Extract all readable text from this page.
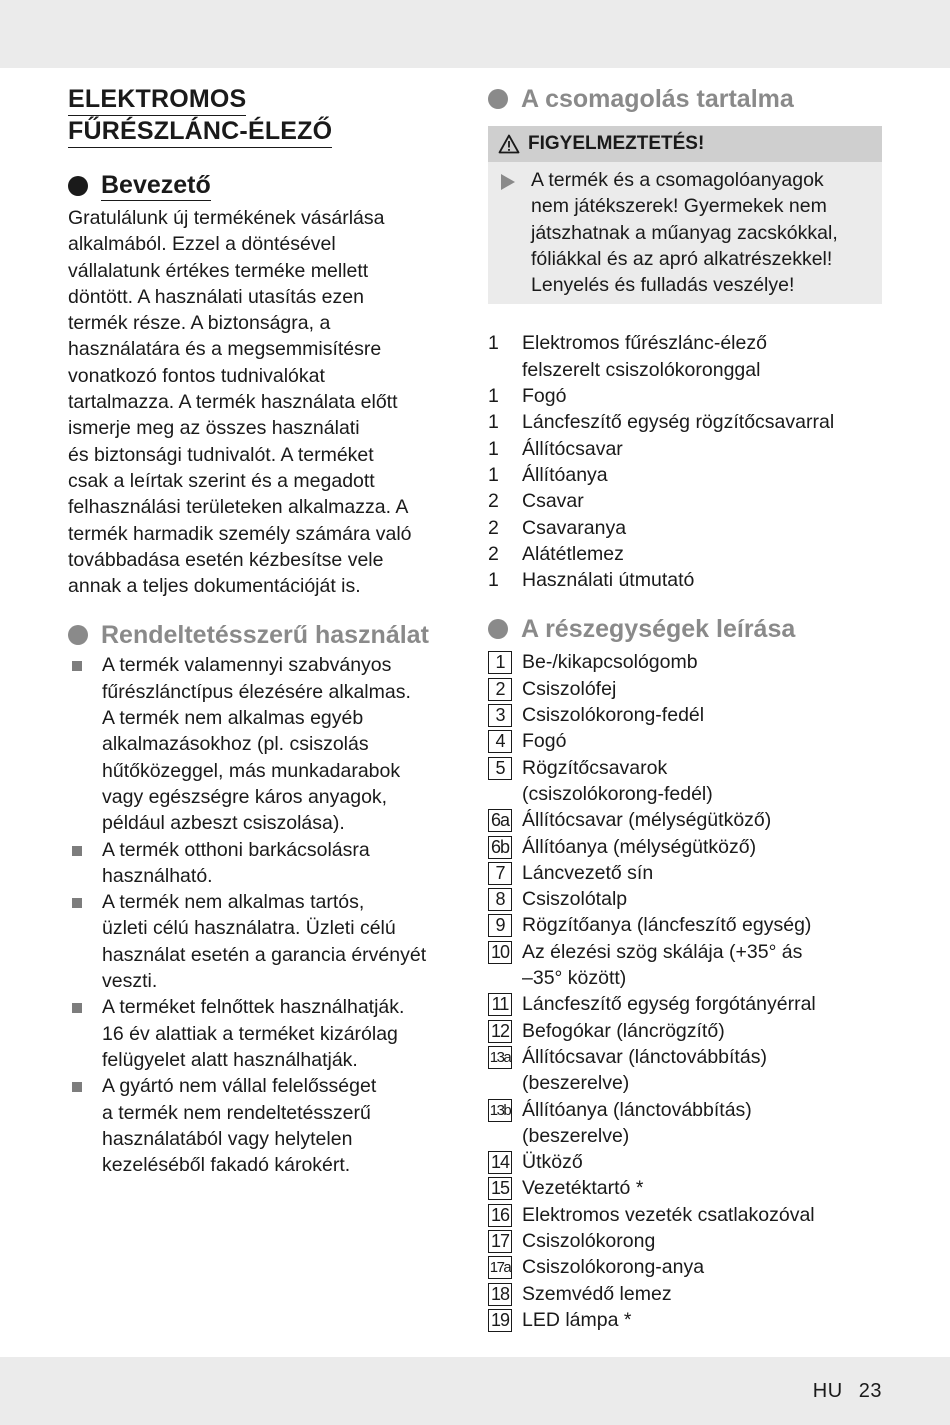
ELEKTROMOS
FŰRÉSZLÁNC-ÉLEZŐ
Bevezető

Gratulálunk új termékének vásárlása
alkalmából. Ezzel a döntésével
vállalatunk értékes terméke mellett
döntött. A használati utasítás ezen
termék része. A biztonságra, a
használatára és a megsemmisítésre
vonatkozó fontos tudnivalókat
tartalmazza. A termék használata előtt
ismerje meg az összes használati
és biztonsági tudnivalót. A terméket
csak a leírtak szerint és a megadott
felhasználási területeken alkalmazza. A
termék harmadik személy számára való
továbbadása esetén kézbesítse vele
annak a teljes dokumentációját is.

Rendeltetésszerű használat
A termék valamennyi szabványos
fűrészlánctípus élezésére alkalmas.
A termék nem alkalmas egyéb
alkalmazásokhoz (pl. csiszolás
hűtőközeggel, más munkadarabok
vagy egészségre káros anyagok,
például azbeszt csiszolása).
A termék otthoni barkácsolásra
használható.
A termék nem alkalmas tartós,
üzleti célú használatra. Üzleti célú
használat esetén a garancia érvényét
veszti.
A terméket felnőttek használhatják.
16 év alattiak a terméket kizárólag
felügyelet alatt használhatják.
A gyártó nem vállal felelősséget
a termék nem rendeltetésszerű
használatából vagy helytelen
kezeléséből fakadó károkért.
A csomagolás tartalma
FIGYELMEZTETÉS!

A termék és a csomagolóanyagok
nem játékszerek! Gyermekek nem
játszhatnak a műanyag zacskókkal,
fóliákkal és az apró alkatrészekkel!
Lenyelés és fulladás veszélye!

1	Elektromos fűrészlánc-élező
felszerelt csiszolókoronggal
1	Fogó
1	Láncfeszítő egység rögzítőcsavarral
1	Állítócsavar
1	Állítóanya
2	Csavar
2	Csavaranya
2	Alátétlemez
1	Használati útmutató
A részegységek leírása
1 Be-/kikapcsológomb
2 Csiszolófej
3 Csiszolókorong-fedél
4 Fogó
5 Rögzítőcsavarok
(csiszolókorong-fedél)
6a Állítócsavar (mélységütköző)
6b Állítóanya (mélységütköző)
7 Láncvezető sín
8 Csiszolótalp
9 Rögzítőanya (láncfeszítő egység)
10 Az élezési szög skálája (+35° ás
–35° között)
11 Láncfeszítő egység forgótányérral
12 Befogókar (láncrögzítő)
13a Állítócsavar (lánctovábbítás)
(beszerelve)
13b Állítóanya (lánctovábbítás)
(beszerelve)
14 Ütköző
15 Vezetéktartó *
16 Elektromos vezeték csatlakozóval
17 Csiszolókorong
17a Csiszolókorong-anya
18 Szemvédő lemez
19 LED lámpa *
HU 23
